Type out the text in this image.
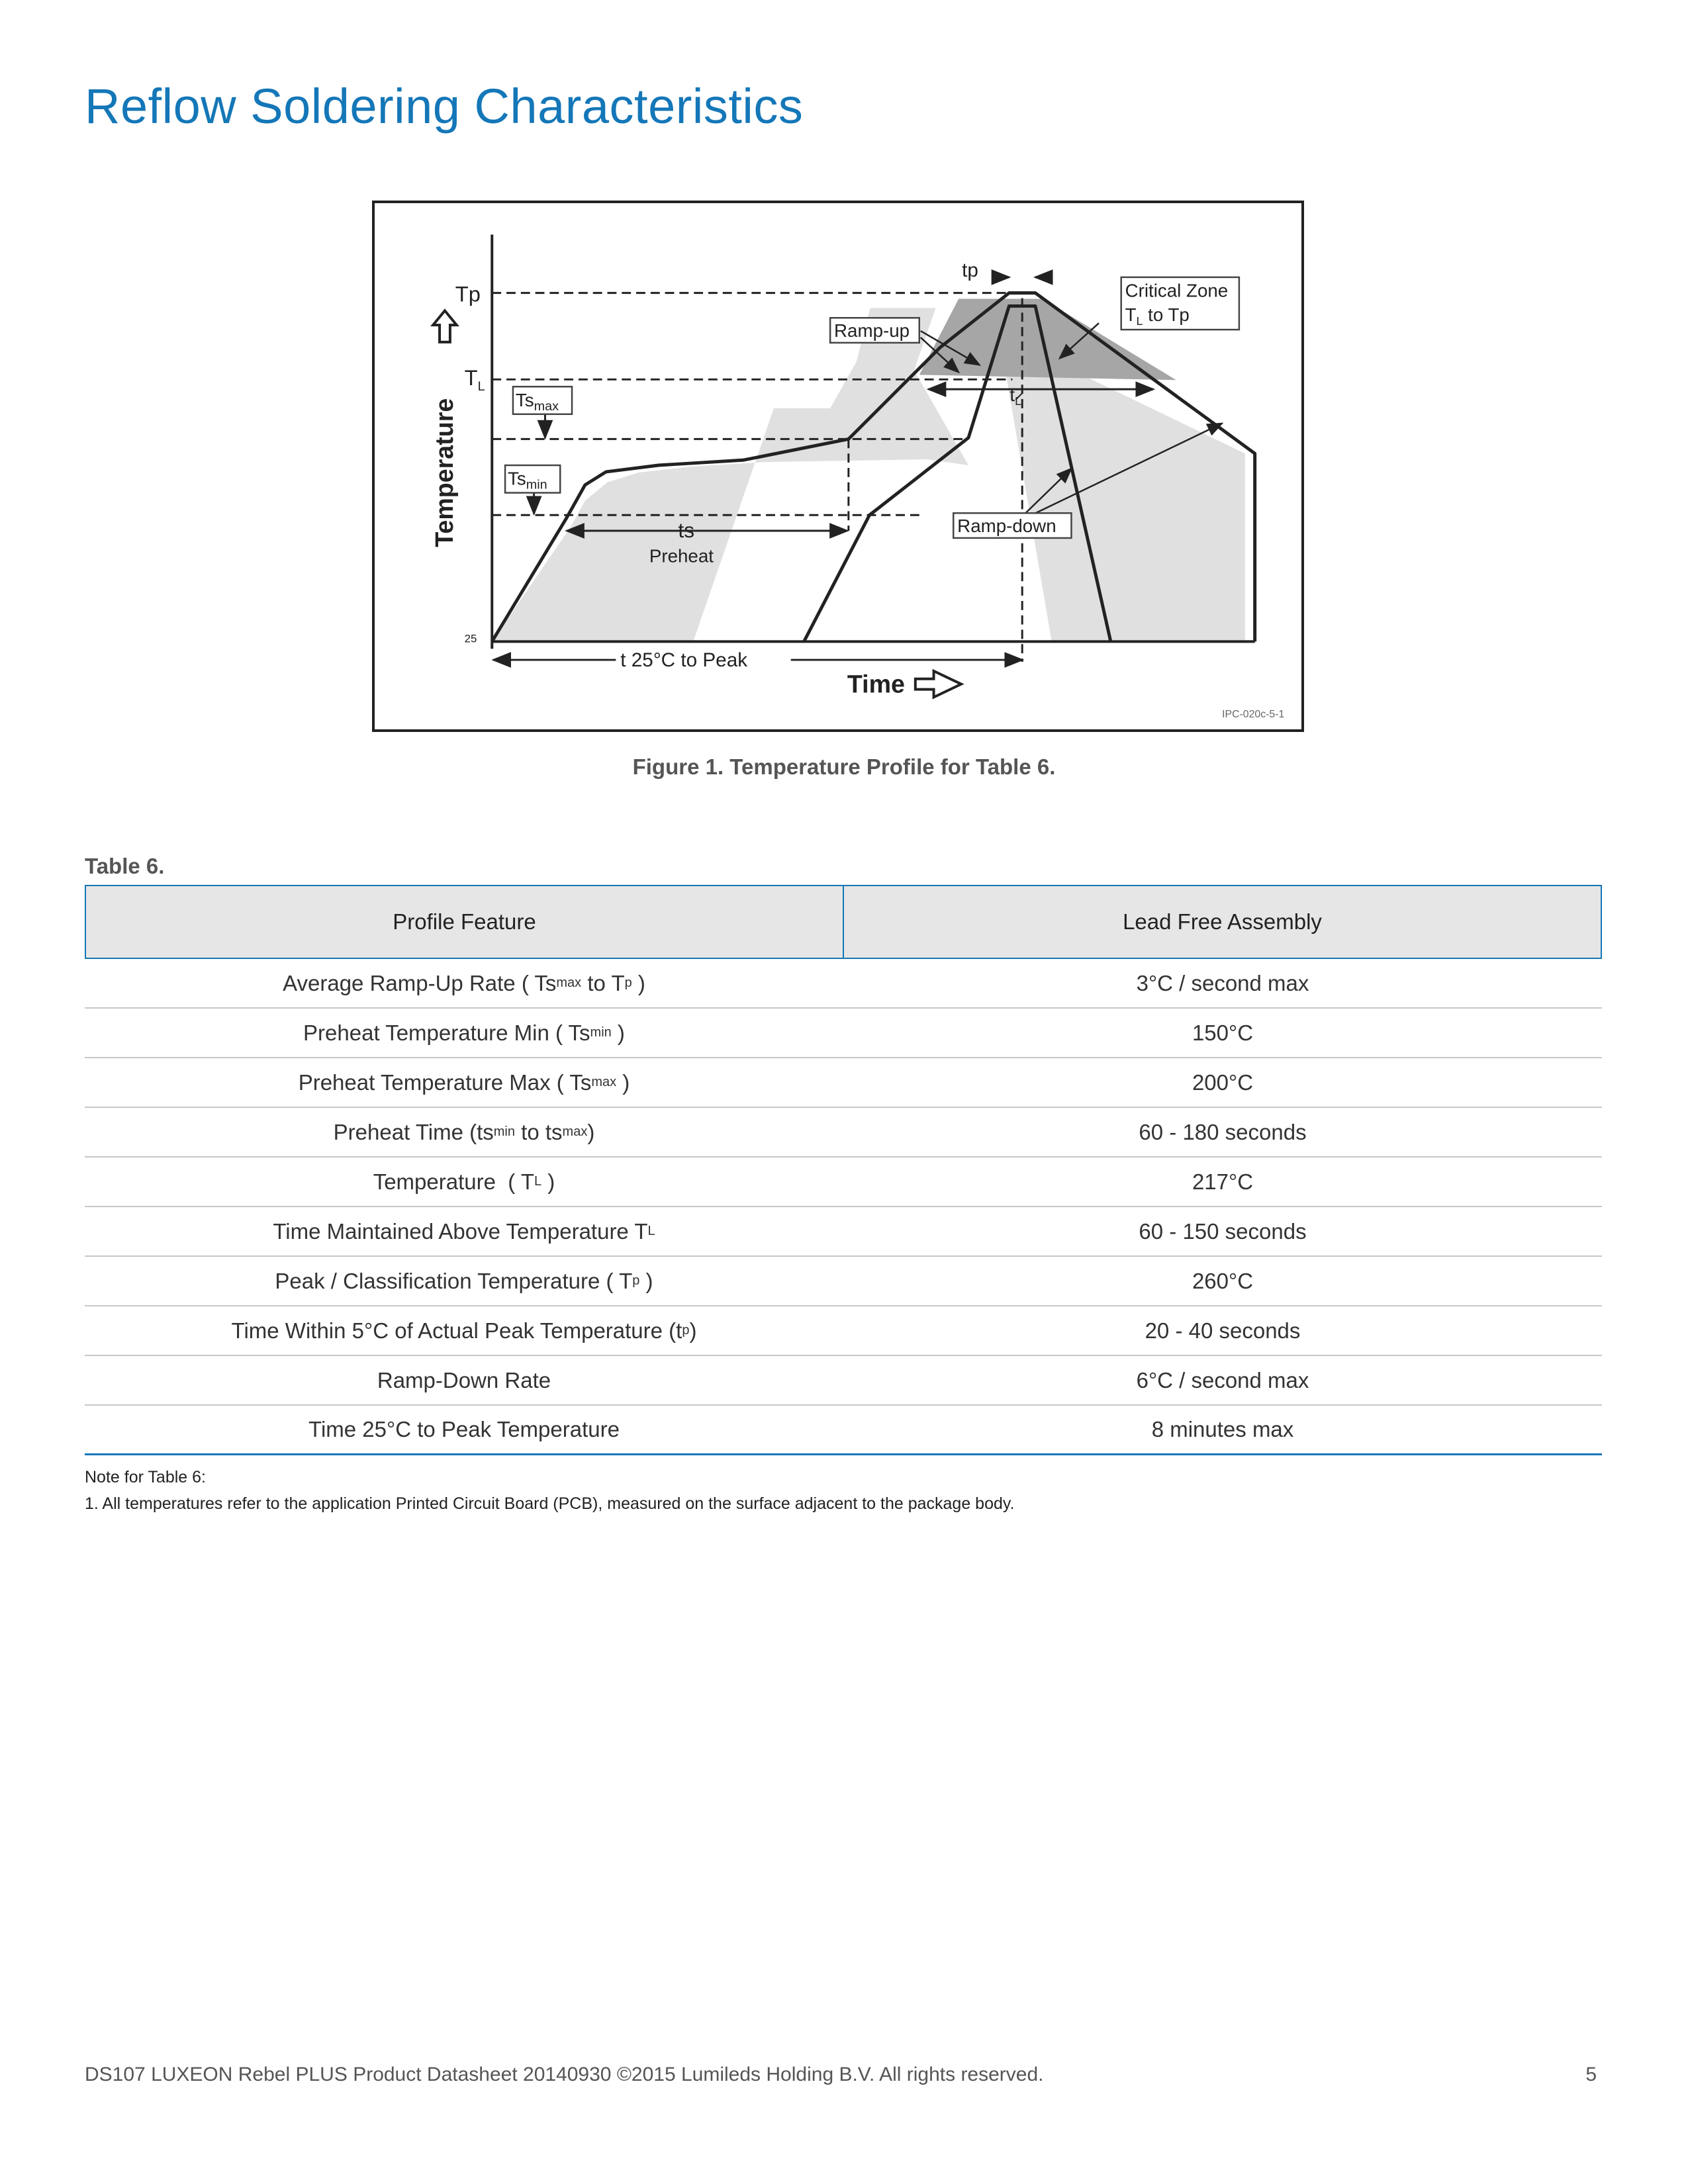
Reflow Soldering Characteristics
Tp
$T_L$
$Ts_{max}$
$Ts_{min}$
25
Temperature
Time
tp
Ramp-up
Ramp-down
Critical Zone
$T_L$ to Tp
$t_L$
ts
Preheat
t 25°C to Peak
IPC-020c-5-1
Figure 1. Temperature Profile for Table 6.
Table 6.
Profile Feature	Lead Free Assembly
Average Ramp-Up Rate ( Ts max to T p )	3°C / second max
Preheat Temperature Min ( Ts min )	150°C
Preheat Temperature Max ( Ts max )	200°C
Preheat Time (ts min to ts max )	60 - 180 seconds
Temperature  ( T L )	217°C
Time Maintained Above Temperature T L	60 - 150 seconds
Peak / Classification Temperature ( T p )	260°C
Time Within 5°C of Actual Peak Temperature (t p )	20 - 40 seconds
Ramp-Down Rate	6°C / second max
Time 25°C to Peak Temperature	8 minutes max
Note for Table 6:
1. All temperatures refer to the application Printed Circuit Board (PCB), measured on the surface adjacent to the package body.
DS107 LUXEON Rebel PLUS Product Datasheet 20140930 ©2015 Lumileds Holding B.V. All rights reserved.	5
